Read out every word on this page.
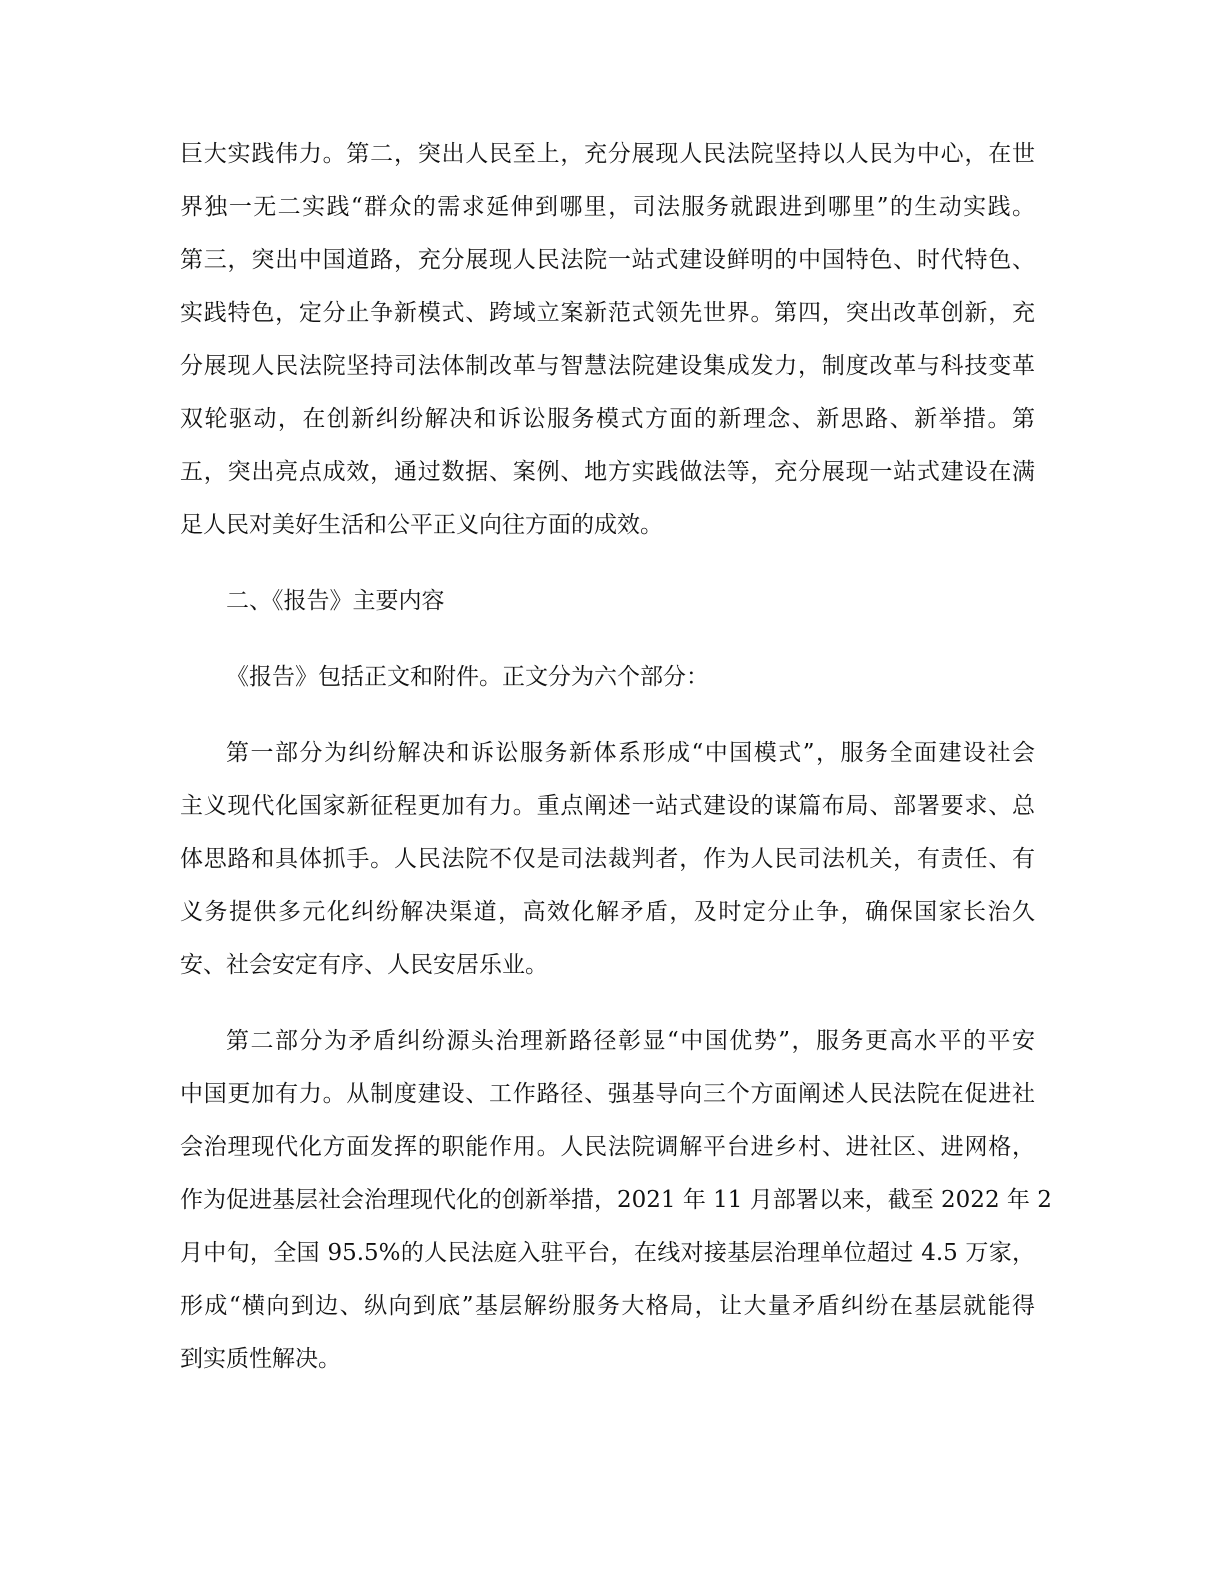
巨大实践伟力。第二，突出人民至上，充分展现人民法院坚持以人民为中心，在世
界独一无二实践“群众的需求延伸到哪里，司法服务就跟进到哪里”的生动实践。
第三，突出中国道路，充分展现人民法院一站式建设鲜明的中国特色、时代特色、
实践特色，定分止争新模式、跨域立案新范式领先世界。第四，突出改革创新，充
分展现人民法院坚持司法体制改革与智慧法院建设集成发力，制度改革与科技变革
双轮驱动，在创新纠纷解决和诉讼服务模式方面的新理念、新思路、新举措。第
五，突出亮点成效，通过数据、案例、地方实践做法等，充分展现一站式建设在满
足人民对美好生活和公平正义向往方面的成效。
二、《报告》主要内容
《报告》包括正文和附件。正文分为六个部分：
第一部分为纠纷解决和诉讼服务新体系形成“中国模式”，服务全面建设社会
主义现代化国家新征程更加有力。重点阐述一站式建设的谋篇布局、部署要求、总
体思路和具体抓手。人民法院不仅是司法裁判者，作为人民司法机关，有责任、有
义务提供多元化纠纷解决渠道，高效化解矛盾，及时定分止争，确保国家长治久
安、社会安定有序、人民安居乐业。
第二部分为矛盾纠纷源头治理新路径彰显“中国优势”，服务更高水平的平安
中国更加有力。从制度建设、工作路径、强基导向三个方面阐述人民法院在促进社
会治理现代化方面发挥的职能作用。人民法院调解平台进乡村、进社区、进网格，
作为促进基层社会治理现代化的创新举措，2021 年 11 月部署以来，截至 2022 年 2
月中旬，全国 95.5%的人民法庭入驻平台，在线对接基层治理单位超过 4.5 万家，
形成“横向到边、纵向到底”基层解纷服务大格局，让大量矛盾纠纷在基层就能得
到实质性解决。
